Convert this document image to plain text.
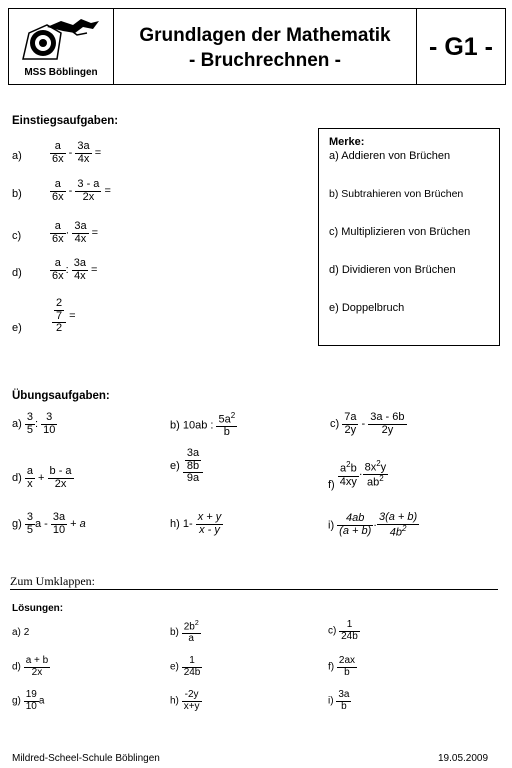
MSS Böblingen
Grundlagen der Mathematik
- Bruchrechnen -	- G1 -
Einstiegsaufgaben:
a)	$\frac{a}{6x} - \frac{3a}{4x}$ =
b)	$\frac{a}{6x} - \frac{3 - a}{2x}$ =
c)	$\frac{a}{6x} \cdot \frac{3a}{4x}$ =
d)	$\frac{a}{6x}$ : $\frac{3a}{4x}$ =
e)	$\frac{\frac{2}{7}}{2}$ =
Merke:
a) Addieren von Brüchen
b) Subtrahieren von Brüchen
c) Multiplizieren von Brüchen
d) Dividieren von Brüchen
e) Doppelbruch
Übungsaufgaben:
$a) \frac{3}{5}$ : $\frac{3}{10}$	b) 10ab : $\frac{5a^2}{b}$	$c) \frac{7a}{2y} - \frac{3a - 6b}{2y}$
$d) \frac{a}{x} + \frac{b - a}{2x}$	$e) \frac{\frac{3a}{8b}}{9a}$	$f) \frac{a^2b}{4xy} \cdot \frac{8x^2y}{ab^2}$
$g) \frac{3}{5}$ $a - \frac{3a}{10} + a$	h) $1- \frac{x + y}{x - y}$	$i) \frac{4ab}{(a + b)} \cdot \frac{3(a + b)}{4b^2}$
Zum Umklappen:
Lösungen:
a) 2	$b) \frac{2b^2}{a}$	$c) \frac{1}{24b}$
$d) \frac{a + b}{2x}$	$e) \frac{1}{24b}$	$f) \frac{2ax}{b}$
$g) \frac{19}{10}$ a	$h) \frac{-2y}{x+y}$	$i) \frac{3a}{b}$
Mildred-Scheel-Schule Böblingen	19.05.2009
